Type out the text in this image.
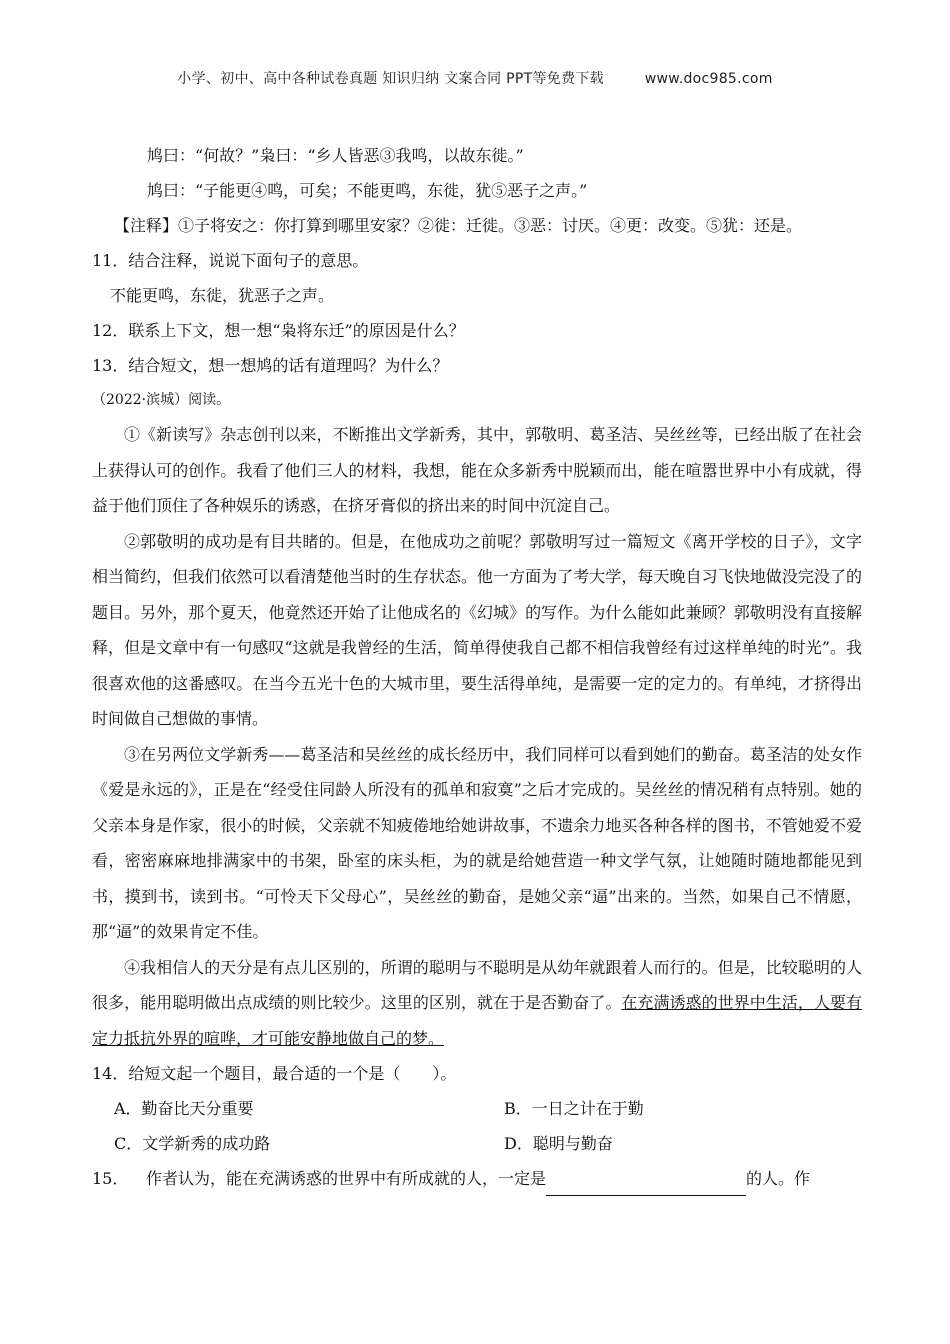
小学、初中、高中各种试卷真题 知识归纳 文案合同 PPT等免费下载	www.doc985.com
鸠曰：“何故？”枭曰：“乡人皆恶③我鸣，以故东徙。”
鸠曰：“子能更④鸣，可矣；不能更鸣，东徙，犹⑤恶子之声。”
【注释】①子将安之：你打算到哪里安家？②徙：迁徙。③恶：讨厌。④更：改变。⑤犹：还是。
11．结合注释，说说下面句子的意思。
不能更鸣，东徙，犹恶子之声。
12．联系上下文，想一想“枭将东迁”的原因是什么？
13．结合短文，想一想鸠的话有道理吗？为什么？
（2022·滨城）阅读。

①《新读写》杂志创刊以来，不断推出文学新秀，其中，郭敬明、葛圣洁、吴丝丝等，已经出版了在社会上获得认可的创作。我看了他们三人的材料，我想，能在众多新秀中脱颖而出，能在喧嚣世界中小有成就，得益于他们顶住了各种娱乐的诱惑，在挤牙膏似的挤出来的时间中沉淀自己。

②郭敬明的成功是有目共睹的。但是，在他成功之前呢？郭敬明写过一篇短文《离开学校的日子》，文字相当简约，但我们依然可以看清楚他当时的生存状态。他一方面为了考大学，每天晚自习飞快地做没完没了的题目。另外，那个夏天，他竟然还开始了让他成名的《幻城》的写作。为什么能如此兼顾？郭敬明没有直接解释，但是文章中有一句感叹“这就是我曾经的生活，简单得使我自己都不相信我曾经有过这样单纯的时光”。我很喜欢他的这番感叹。在当今五光十色的大城市里，要生活得单纯，是需要一定的定力的。有单纯，才挤得出时间做自己想做的事情。

③在另两位文学新秀——葛圣洁和吴丝丝的成长经历中，我们同样可以看到她们的勤奋。葛圣洁的处女作《爱是永远的》，正是在“经受住同龄人所没有的孤单和寂寞”之后才完成的。吴丝丝的情况稍有点特别。她的父亲本身是作家，很小的时候，父亲就不知疲倦地给她讲故事，不遗余力地买各种各样的图书，不管她爱不爱看，密密麻麻地排满家中的书架，卧室的床头柜，为的就是给她营造一种文学气氛，让她随时随地都能见到书，摸到书，读到书。“可怜天下父母心”，吴丝丝的勤奋，是她父亲“逼”出来的。当然，如果自己不情愿，那“逼”的效果肯定不佳。

④我相信人的天分是有点儿区别的，所谓的聪明与不聪明是从幼年就跟着人而行的。但是，比较聪明的人很多，能用聪明做出点成绩的则比较少。这里的区别，就在于是否勤奋了。在充满诱惑的世界中生活，人要有定力抵抗外界的喧哗，才可能安静地做自己的梦。

14．给短文起一个题目，最合适的一个是（　　）。
A．勤奋比天分重要	B．一日之计在于勤
C．文学新秀的成功路	D．聪明与勤奋
15． 作者认为，能在充满诱惑的世界中有所成就的人，一定是	的人。作
